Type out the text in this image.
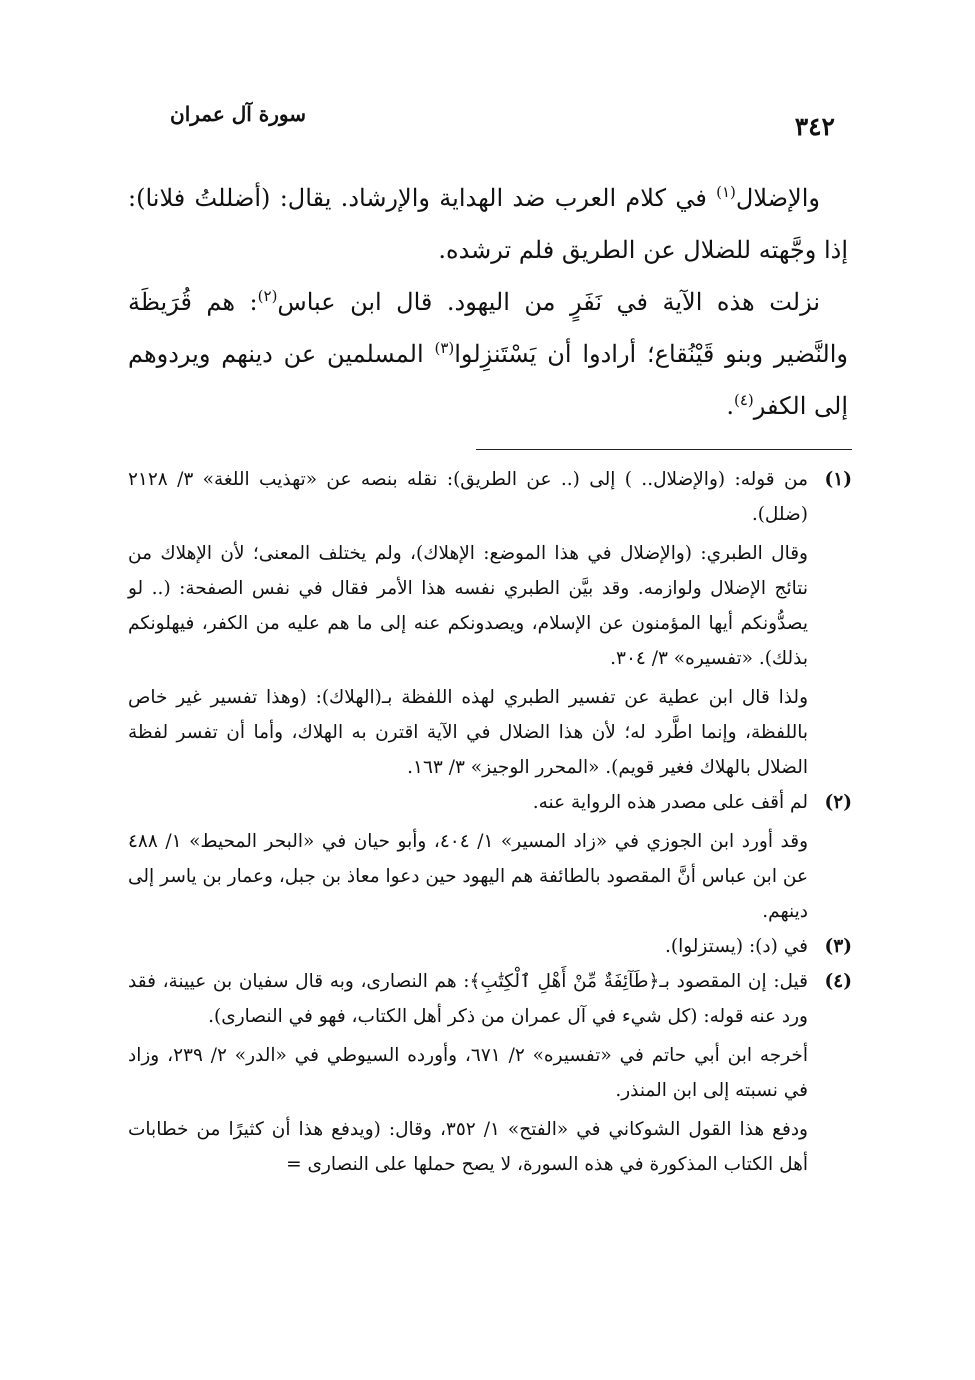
٣٤٢
سورة آل عمران

والإضلال$^{(١)}$ في كلام العرب ضد الهداية والإرشاد. يقال: (أضللتُ فلانا): إذا وجَّهته للضلال عن الطريق فلم ترشده.

نزلت هذه الآية في نَفَرٍ من اليهود. قال ابن عباس$^{(٢)}$: هم قُرَيظَة والنَّضير وبنو قَيْنُقاع؛ أرادوا أن يَسْتَنزِلوا$^{(٣)}$ المسلمين عن دينهم ويردوهم إلى الكفر$^{(٤)}$.

(١)

من قوله: (والإضلال.. ) إلى (.. عن الطريق): نقله بنصه عن «تهذيب اللغة» ٣/ ٢١٢٨ (ضلل).

وقال الطبري: (والإضلال في هذا الموضع: الإهلاك)، ولم يختلف المعنى؛ لأن الإهلاك من نتائج الإضلال ولوازمه. وقد بيَّن الطبري نفسه هذا الأمر فقال في نفس الصفحة: (.. لو يصدُّونكم أيها المؤمنون عن الإسلام، ويصدونكم عنه إلى ما هم عليه من الكفر، فيهلونكم بذلك). «تفسيره» ٣/ ٣٠٤.

ولذا قال ابن عطية عن تفسير الطبري لهذه اللفظة بـ(الهلاك): (وهذا تفسير غير خاص باللفظة، وإنما اطَّرد له؛ لأن هذا الضلال في الآية اقترن به الهلاك، وأما أن تفسر لفظة الضلال بالهلاك فغير قويم). «المحرر الوجيز» ٣/ ١٦٣.

(٢)

لم أقف على مصدر هذه الرواية عنه.

وقد أورد ابن الجوزي في «زاد المسير» ١/ ٤٠٤، وأبو حيان في «البحر المحيط» ١/ ٤٨٨ عن ابن عباس أنَّ المقصود بالطائفة هم اليهود حين دعوا معاذ بن جبل، وعمار بن ياسر إلى دينهم.

(٣)

في (د): (يستزلوا).

(٤)

قيل: إن المقصود بـ﴿طَآئِفَةٌ مِّنْ أَهْلِ ٱلْكِتَٰبِ﴾: هم النصارى، وبه قال سفيان بن عيينة، فقد ورد عنه قوله: (كل شيء في آل عمران من ذكر أهل الكتاب، فهو في النصارى).

أخرجه ابن أبي حاتم في «تفسيره» ٢/ ٦٧١، وأورده السيوطي في «الدر» ٢/ ٢٣٩، وزاد في نسبته إلى ابن المنذر.

ودفع هذا القول الشوكاني في «الفتح» ١/ ٣٥٢، وقال: (ويدفع هذا أن كثيرًا من خطابات أهل الكتاب المذكورة في هذه السورة، لا يصح حملها على النصارى =
